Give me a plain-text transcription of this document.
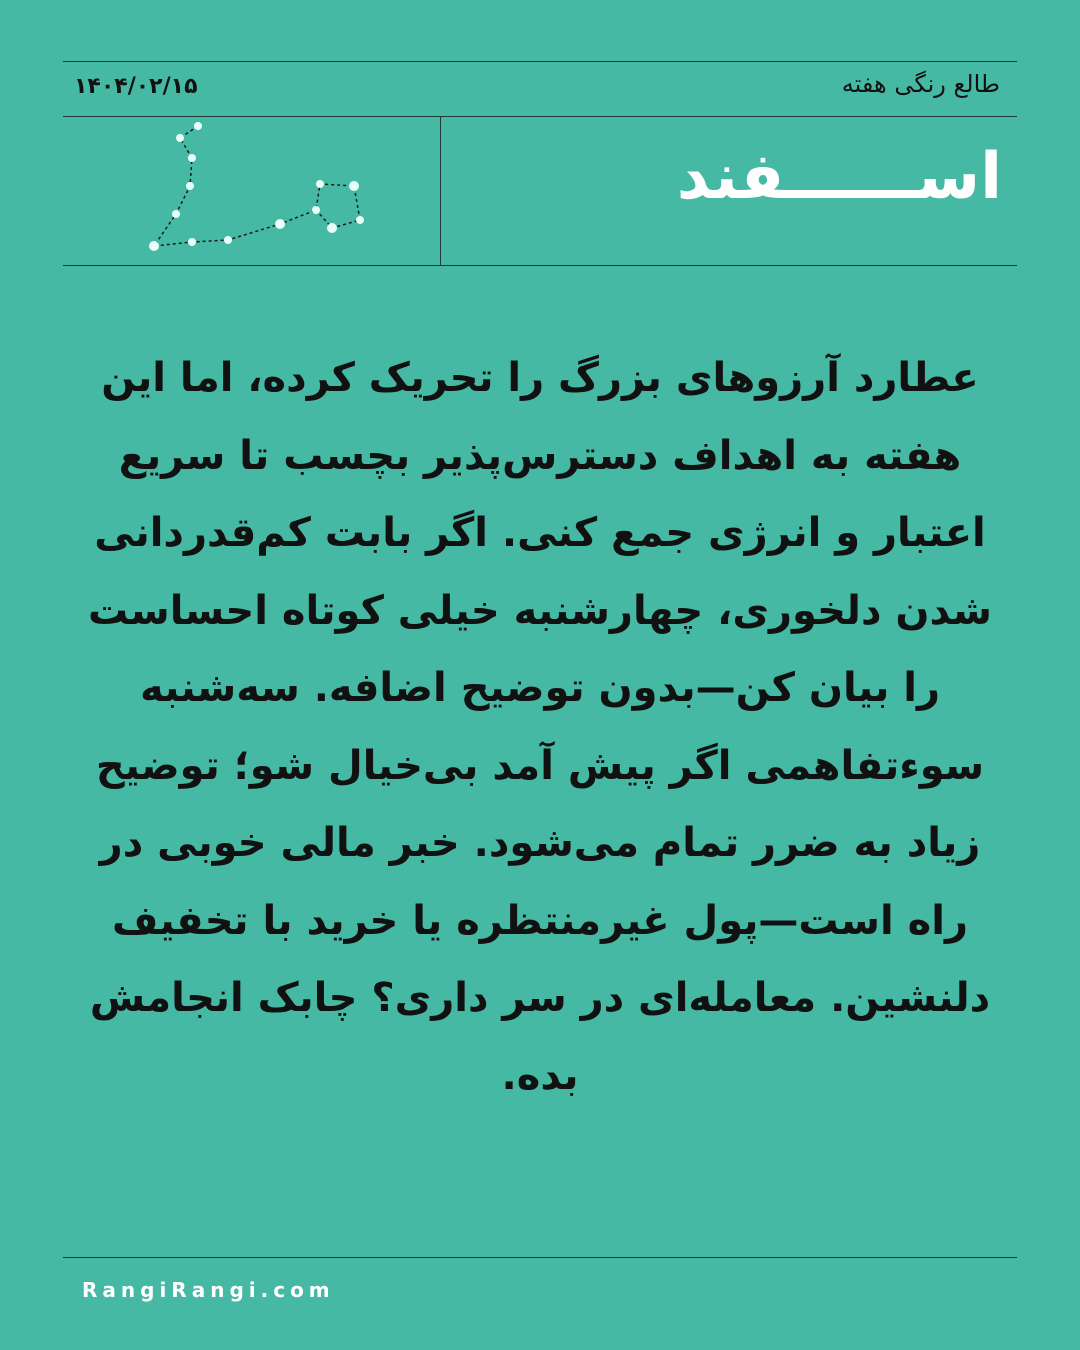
طالع رنگی هفته
۱۴۰۴/۰۲/۱۵
اســــــفند
عطارد آرزوهای بزرگ را تحریک کرده، اما این هفته به اهداف دسترس‌پذیر بچسب تا سریع اعتبار و انرژی جمع کنی. اگر بابت کم‌قدردانی شدن دلخوری، چهارشنبه خیلی کوتاه احساست را بیان کن—بدون توضیح اضافه. سه‌شنبه سوءتفاهمی اگر پیش آمد بی‌خیال شو؛ توضیح زیاد به ضرر تمام می‌شود. خبر مالی خوبی در راه است—پول غیرمنتظره یا خرید با تخفیف دلنشین. معامله‌ای در سر داری؟ چابک انجامش بده.
RangiRangi.com
